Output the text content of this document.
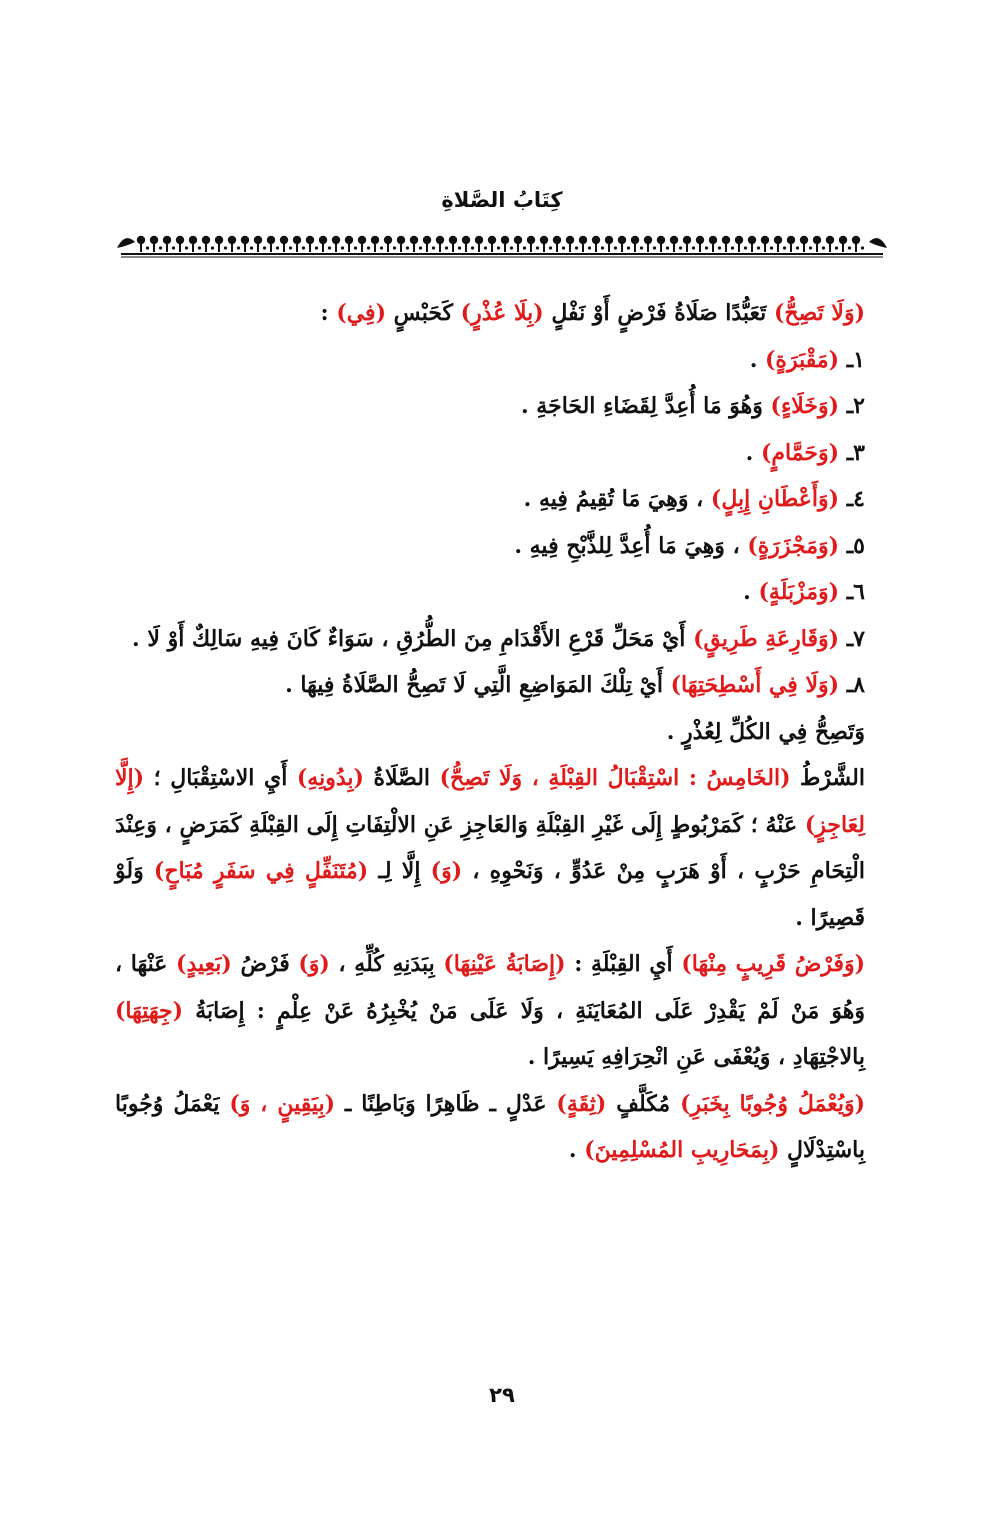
كِتَابُ الصَّلاةِ

(وَلَا تَصِحُّ) تَعَبُّدًا صَلَاةُ فَرْضٍ أَوْ نَفْلٍ (بِلَا عُذْرٍ) كَحَبْسٍ (فِي) :

١ـ (مَقْبَرَةٍ) .

٢ـ (وَخَلَاءٍ) وَهُوَ مَا أُعِدَّ لِقَضَاءِ الحَاجَةِ .

٣ـ (وَحَمَّامٍ) .

٤ـ (وَأَعْطَانِ إِبِلٍ) ، وَهِيَ مَا تُقِيمُ فِيهِ .

٥ـ (وَمَجْزَرَةٍ) ، وَهِيَ مَا أُعِدَّ لِلذَّبْحِ فِيهِ .

٦ـ (وَمَزْبَلَةٍ) .

٧ـ (وَقَارِعَةِ طَرِيقٍ) أَيْ مَحَلِّ قَرْعِ الأَقْدَامِ مِنَ الطُّرُقِ ، سَوَاءٌ كَانَ فِيهِ سَالِكٌ أَوْ لَا .

٨ـ (وَلَا فِي أَسْطِحَتِهَا) أَيْ تِلْكَ المَوَاضِعِ الَّتِي لَا تَصِحُّ الصَّلَاةُ فِيهَا .

وَتَصِحُّ فِي الكُلِّ لِعُذْرٍ .

الشَّرْطُ (الخَامِسُ : اسْتِقْبَالُ القِبْلَةِ ، وَلَا تَصِحُّ) الصَّلَاةُ (بِدُونِهِ) أَيِ الاسْتِقْبَالِ ؛ (إِلَّا لِعَاجِزٍ) عَنْهُ ؛ كَمَرْبُوطٍ إِلَى غَيْرِ القِبْلَةِ وَالعَاجِزِ عَنِ الالْتِفَاتِ إِلَى القِبْلَةِ كَمَرَضٍ ، وَعِنْدَ الْتِحَامِ حَرْبٍ ، أَوْ هَرَبٍ مِنْ عَدُوٍّ ، وَنَحْوِهِ ، (وَ) إِلَّا لِـ (مُتَنَفِّلٍ فِي سَفَرٍ مُبَاحٍ) وَلَوْ قَصِيرًا .

(وَفَرْضُ قَرِيبٍ مِنْهَا) أَيِ القِبْلَةِ : (إِصَابَةُ عَيْنِهَا) بِبَدَنِهِ كُلِّهِ ، (وَ) فَرْضُ (بَعِيدٍ) عَنْهَا ، وَهُوَ مَنْ لَمْ يَقْدِرْ عَلَى المُعَايَنَةِ ، وَلَا عَلَى مَنْ يُخْبِرُهُ عَنْ عِلْمٍ : إِصَابَةُ (جِهَتِهَا) بِالاجْتِهَادِ ، وَيُعْفَى عَنِ انْحِرَافِهِ يَسِيرًا .

(وَيُعْمَلُ وُجُوبًا بِخَبَرِ) مُكَلَّفٍ (ثِقَةٍ) عَدْلٍ ـ ظَاهِرًا وَبَاطِنًا ـ (بِيَقِينٍ ، وَ) يَعْمَلُ وُجُوبًا بِاسْتِدْلَالٍ (بِمَحَارِيبِ المُسْلِمِينَ) .

٢٩
